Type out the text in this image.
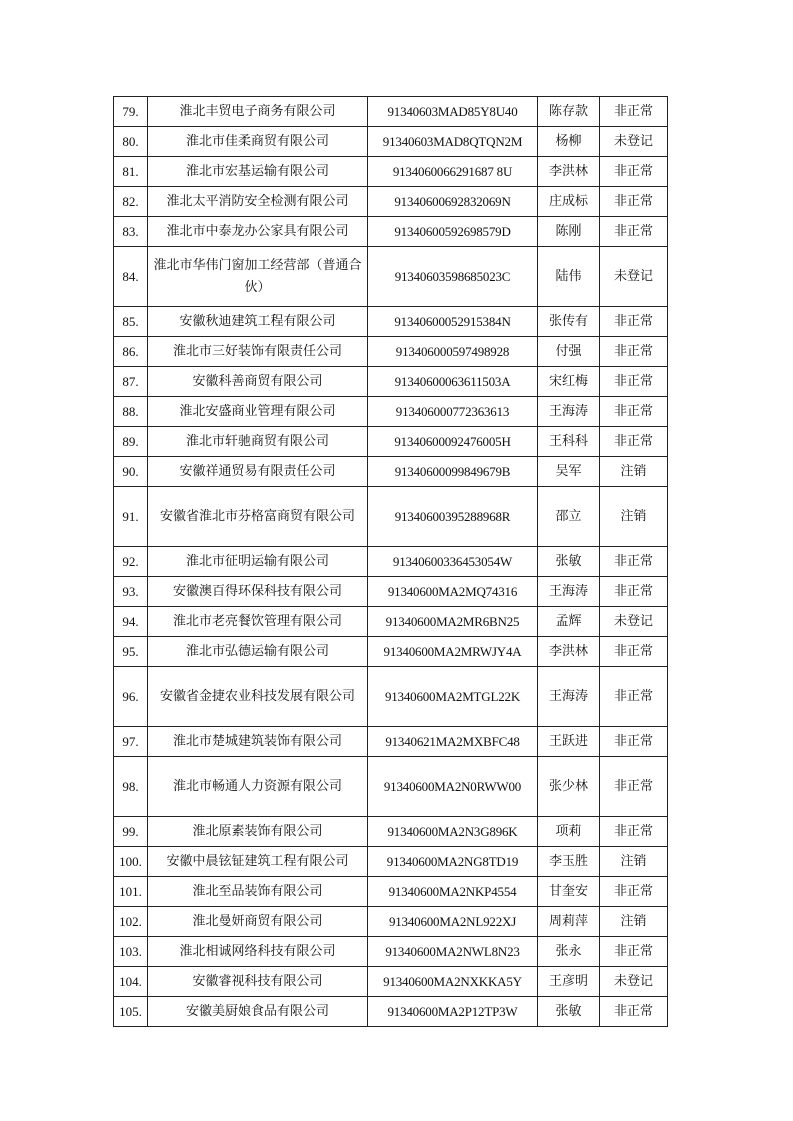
79.	淮北丰贸电子商务有限公司	91340603MAD85Y8U40	陈存款	非正常
80.	淮北市佳柔商贸有限公司	91340603MAD8QTQN2M	杨柳	未登记
81.	淮北市宏基运输有限公司	9134060066291687 8U	李洪林	非正常
82.	淮北太平消防安全检测有限公司	91340600692832069N	庄成标	非正常
83.	淮北市中泰龙办公家具有限公司	91340600592698579D	陈刚	非正常
84.	淮北市华伟门窗加工经营部（普通合伙）	91340603598685023C	陆伟	未登记
85.	安徽秋迪建筑工程有限公司	91340600052915384N	张传有	非正常
86.	淮北市三好装饰有限责任公司	913406000597498928	付强	非正常
87.	安徽科善商贸有限公司	91340600063611503A	宋红梅	非正常
88.	淮北安盛商业管理有限公司	913406000772363613	王海涛	非正常
89.	淮北市轩驰商贸有限公司	91340600092476005H	王科科	非正常
90.	安徽祥通贸易有限责任公司	91340600099849679B	吴军	注销
91.	安徽省淮北市芬格富商贸有限公司	91340600395288968R	邵立	注销
92.	淮北市征明运输有限公司	91340600336453054W	张敏	非正常
93.	安徽澳百得环保科技有限公司	91340600MA2MQ74316	王海涛	非正常
94.	淮北市老亮餐饮管理有限公司	91340600MA2MR6BN25	孟辉	未登记
95.	淮北市弘德运输有限公司	91340600MA2MRWJY4A	李洪林	非正常
96.	安徽省金捷农业科技发展有限公司	91340600MA2MTGL22K	王海涛	非正常
97.	淮北市楚城建筑装饰有限公司	91340621MA2MXBFC48	王跃进	非正常
98.	淮北市畅通人力资源有限公司	91340600MA2N0RWW00	张少林	非正常
99.	淮北原素装饰有限公司	91340600MA2N3G896K	项莉	非正常
100.	安徽中晨铉钲建筑工程有限公司	91340600MA2NG8TD19	李玉胜	注销
101.	淮北至品装饰有限公司	91340600MA2NKP4554	甘奎安	非正常
102.	淮北曼妍商贸有限公司	91340600MA2NL922XJ	周莉萍	注销
103.	淮北相诚网络科技有限公司	91340600MA2NWL8N23	张永	非正常
104.	安徽睿视科技有限公司	91340600MA2NXKKA5Y	王彦明	未登记
105.	安徽美厨娘食品有限公司	91340600MA2P12TP3W	张敏	非正常
